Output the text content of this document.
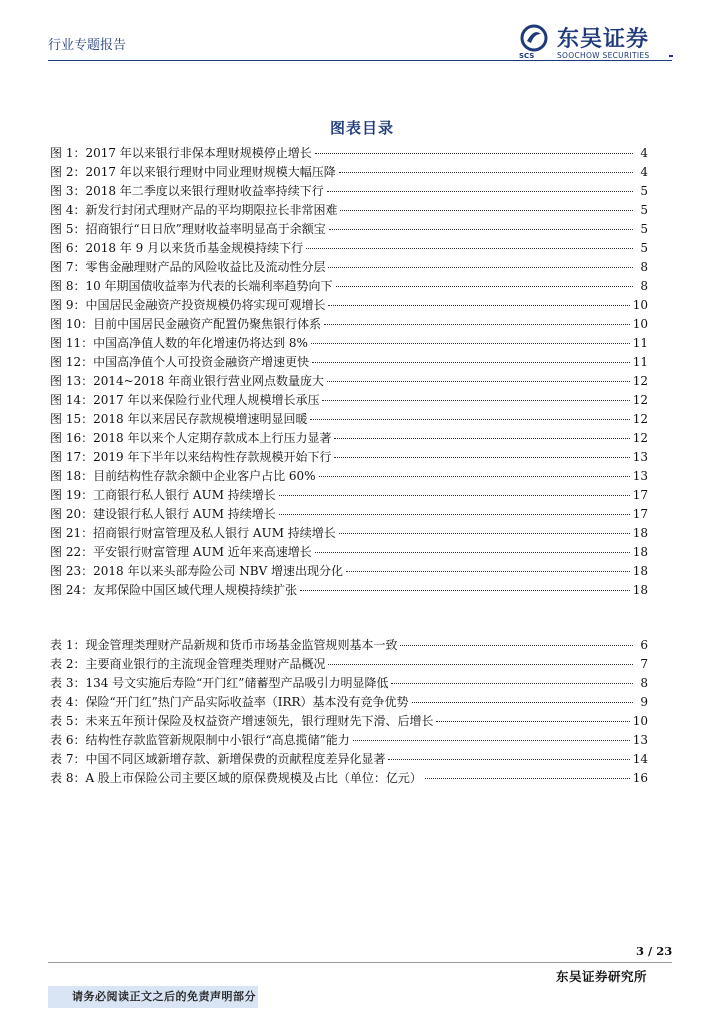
行业专题报告
SCS
东吴证券
SOOCHOW SECURITIES
图表目录
图 1： 2017 年以来银行非保本理财规模停止增长	4
图 2： 2017 年以来银行理财中同业理财规模大幅压降	4
图 3： 2018 年二季度以来银行理财收益率持续下行	5
图 4： 新发行封闭式理财产品的平均期限拉长非常困难	5
图 5： 招商银行“日日欣”理财收益率明显高于余额宝	5
图 6： 2018 年 9 月以来货币基金规模持续下行	5
图 7： 零售金融理财产品的风险收益比及流动性分层	8
图 8： 10 年期国债收益率为代表的长端利率趋势向下	8
图 9： 中国居民金融资产投资规模仍将实现可观增长	10
图 10： 目前中国居民金融资产配置仍聚焦银行体系	10
图 11： 中国高净值人数的年化增速仍将达到 8%	11
图 12： 中国高净值个人可投资金融资产增速更快	11
图 13： 2014~2018 年商业银行营业网点数量庞大	12
图 14： 2017 年以来保险行业代理人规模增长承压	12
图 15： 2018 年以来居民存款规模增速明显回暖	12
图 16： 2018 年以来个人定期存款成本上行压力显著	12
图 17： 2019 年下半年以来结构性存款规模开始下行	13
图 18： 目前结构性存款余额中企业客户占比 60%	13
图 19： 工商银行私人银行 AUM 持续增长	17
图 20： 建设银行私人银行 AUM 持续增长	17
图 21： 招商银行财富管理及私人银行 AUM 持续增长	18
图 22： 平安银行财富管理 AUM 近年来高速增长	18
图 23： 2018 年以来头部寿险公司 NBV 增速出现分化	18
图 24： 友邦保险中国区域代理人规模持续扩张	18
表 1： 现金管理类理财产品新规和货币市场基金监管规则基本一致	6
表 2： 主要商业银行的主流现金管理类理财产品概况	7
表 3： 134 号文实施后寿险“开门红”储蓄型产品吸引力明显降低	8
表 4： 保险“开门红”热门产品实际收益率（IRR）基本没有竞争优势	9
表 5： 未来五年预计保险及权益资产增速领先，银行理财先下滑、后增长	10
表 6： 结构性存款监管新规限制中小银行“高息揽储”能力	13
表 7： 中国不同区域新增存款、新增保费的贡献程度差异化显著	14
表 8： A 股上市保险公司主要区域的原保费规模及占比（单位：亿元）	16
3 / 23
东吴证券研究所
请务必阅读正文之后的免责声明部分
